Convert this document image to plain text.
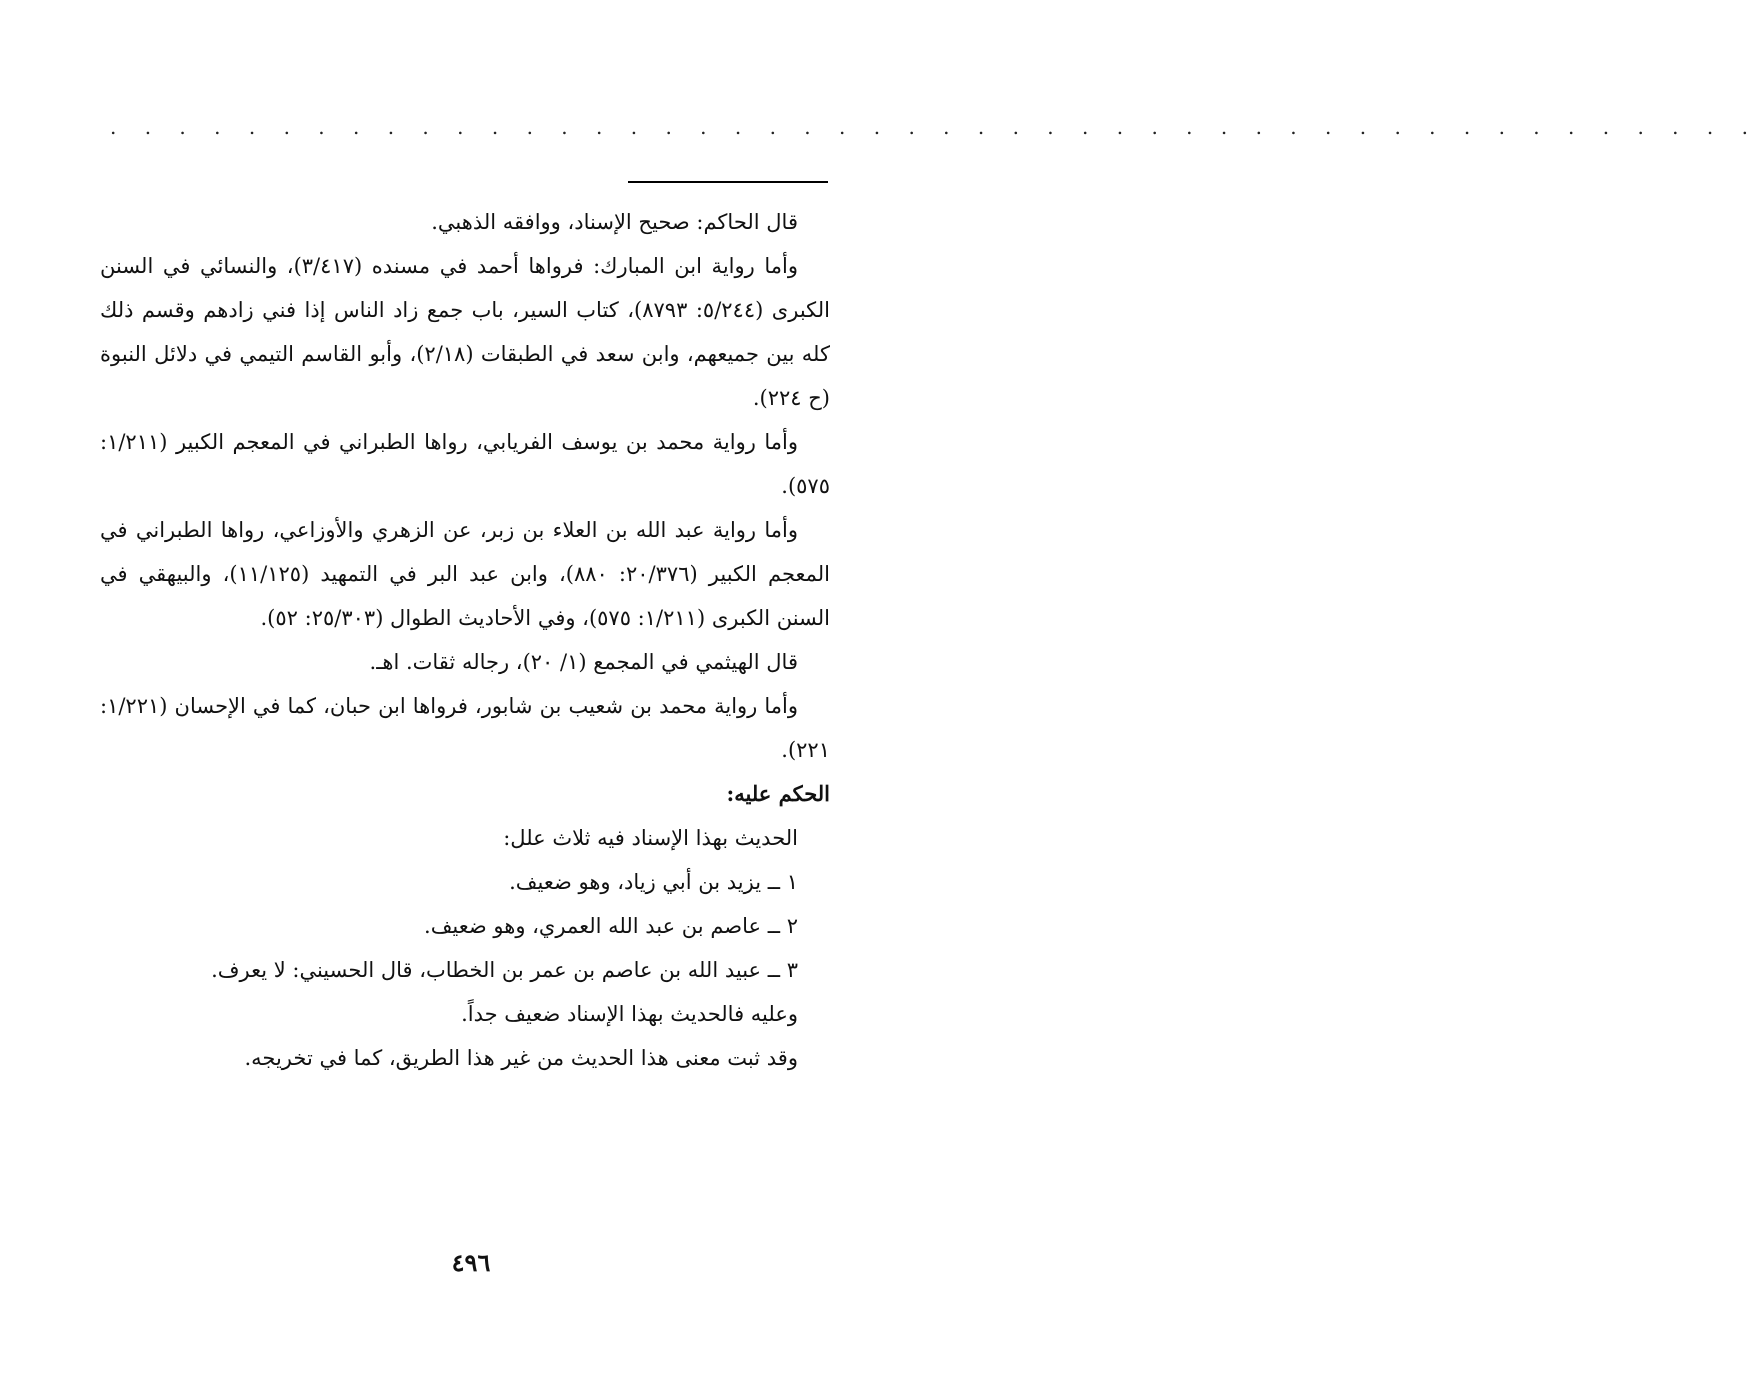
. . . . . . . . . . . . . . . . . . . . . . . . . . . . . . . . . . . . . . . . . . . . . . . .

قال الحاكم: صحيح الإسناد، ووافقه الذهبي.

وأما رواية ابن المبارك: فرواها أحمد في مسنده (٣/٤١٧)، والنسائي في السنن الكبرى (٥/٢٤٤: ٨٧٩٣)، كتاب السير، باب جمع زاد الناس إذا فني زادهم وقسم ذلك كله بين جميعهم، وابن سعد في الطبقات (٢/١٨)، وأبو القاسم التيمي في دلائل النبوة (ح ٢٢٤).

وأما رواية محمد بن يوسف الفريابي، رواها الطبراني في المعجم الكبير (١/٢١١: ٥٧٥).

وأما رواية عبد الله بن العلاء بن زبر، عن الزهري والأوزاعي، رواها الطبراني في المعجم الكبير (٢٠/٣٧٦: ٨٨٠)، وابن عبد البر في التمهيد (١١/١٢٥)، والبيهقي في السنن الكبرى (١/٢١١: ٥٧٥)، وفي الأحاديث الطوال (٢٥/٣٠٣: ٥٢).

قال الهيثمي في المجمع (١/ ٢٠)، رجاله ثقات. اهـ.

وأما رواية محمد بن شعيب بن شابور، فرواها ابن حبان، كما في الإحسان (١/٢٢١: ٢٢١).

الحكم عليه:

الحديث بهذا الإسناد فيه ثلاث علل:

١ ــ يزيد بن أبي زياد، وهو ضعيف.

٢ ــ عاصم بن عبد الله العمري، وهو ضعيف.

٣ ــ عبيد الله بن عاصم بن عمر بن الخطاب، قال الحسيني: لا يعرف.

وعليه فالحديث بهذا الإسناد ضعيف جداً.

وقد ثبت معنى هذا الحديث من غير هذا الطريق، كما في تخريجه.

٤٩٦
